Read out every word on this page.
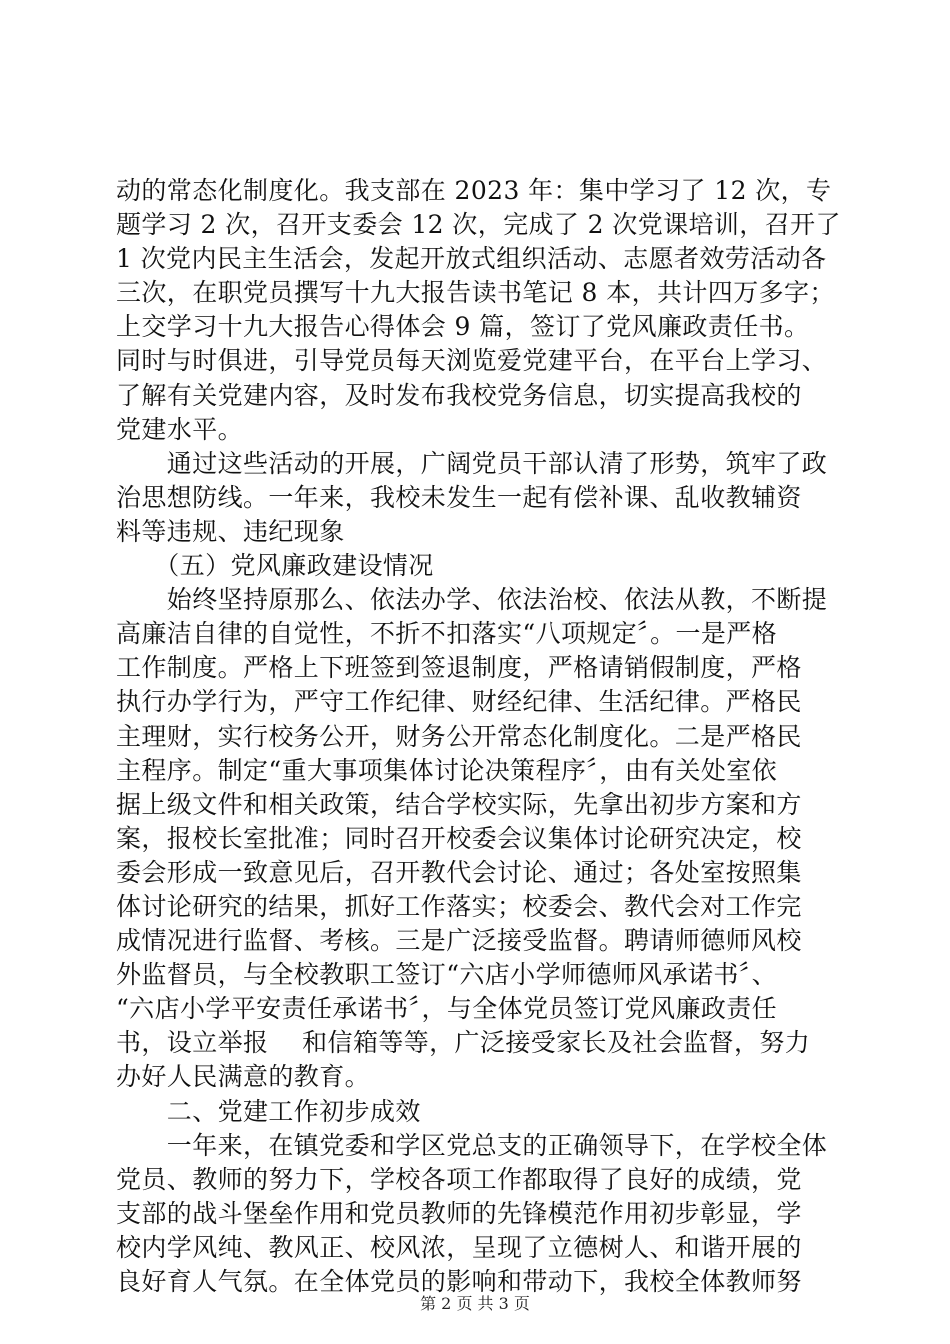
动的常态化制度化。我支部在 2023 年：集中学习了 12 次，专
题学习 2 次，召开支委会 12 次，完成了 2 次党课培训，召开了
1 次党内民主生活会，发起开放式组织活动、志愿者效劳活动各
三次，在职党员撰写十九大报告读书笔记 8 本，共计四万多字；
上交学习十九大报告心得体会 9 篇，签订了党风廉政责任书。
同时与时俱进，引导党员每天浏览爱党建平台，在平台上学习、
了解有关党建内容，及时发布我校党务信息，切实提高我校的
党建水平。
　　通过这些活动的开展，广阔党员干部认清了形势，筑牢了政
治思想防线。一年来，我校未发生一起有偿补课、乱收教辅资
料等违规、违纪现象
　　（五）党风廉政建设情况
　　始终坚持原那么、依法办学、依法治校、依法从教，不断提
高廉洁自律的自觉性，不折不扣落实“八项规定〞。一是严格
工作制度。严格上下班签到签退制度，严格请销假制度，严格
执行办学行为，严守工作纪律、财经纪律、生活纪律。严格民
主理财，实行校务公开，财务公开常态化制度化。二是严格民
主程序。制定“重大事项集体讨论决策程序〞，由有关处室依
据上级文件和相关政策，结合学校实际，先拿出初步方案和方
案，报校长室批准；同时召开校委会议集体讨论研究决定，校
委会形成一致意见后，召开教代会讨论、通过；各处室按照集
体讨论研究的结果，抓好工作落实；校委会、教代会对工作完
成情况进行监督、考核。三是广泛接受监督。聘请师德师风校
外监督员，与全校教职工签订“六店小学师德师风承诺书〞、
“六店小学平安责任承诺书〞，与全体党员签订党风廉政责任
书，设立举报　 和信箱等等，广泛接受家长及社会监督，努力
办好人民满意的教育。
　　二、党建工作初步成效
　　一年来，在镇党委和学区党总支的正确领导下，在学校全体
党员、教师的努力下，学校各项工作都取得了良好的成绩，党
支部的战斗堡垒作用和党员教师的先锋模范作用初步彰显，学
校内学风纯、教风正、校风浓，呈现了立德树人、和谐开展的
良好育人气氛。在全体党员的影响和带动下，我校全体教师努
第 2 页 共 3 页
